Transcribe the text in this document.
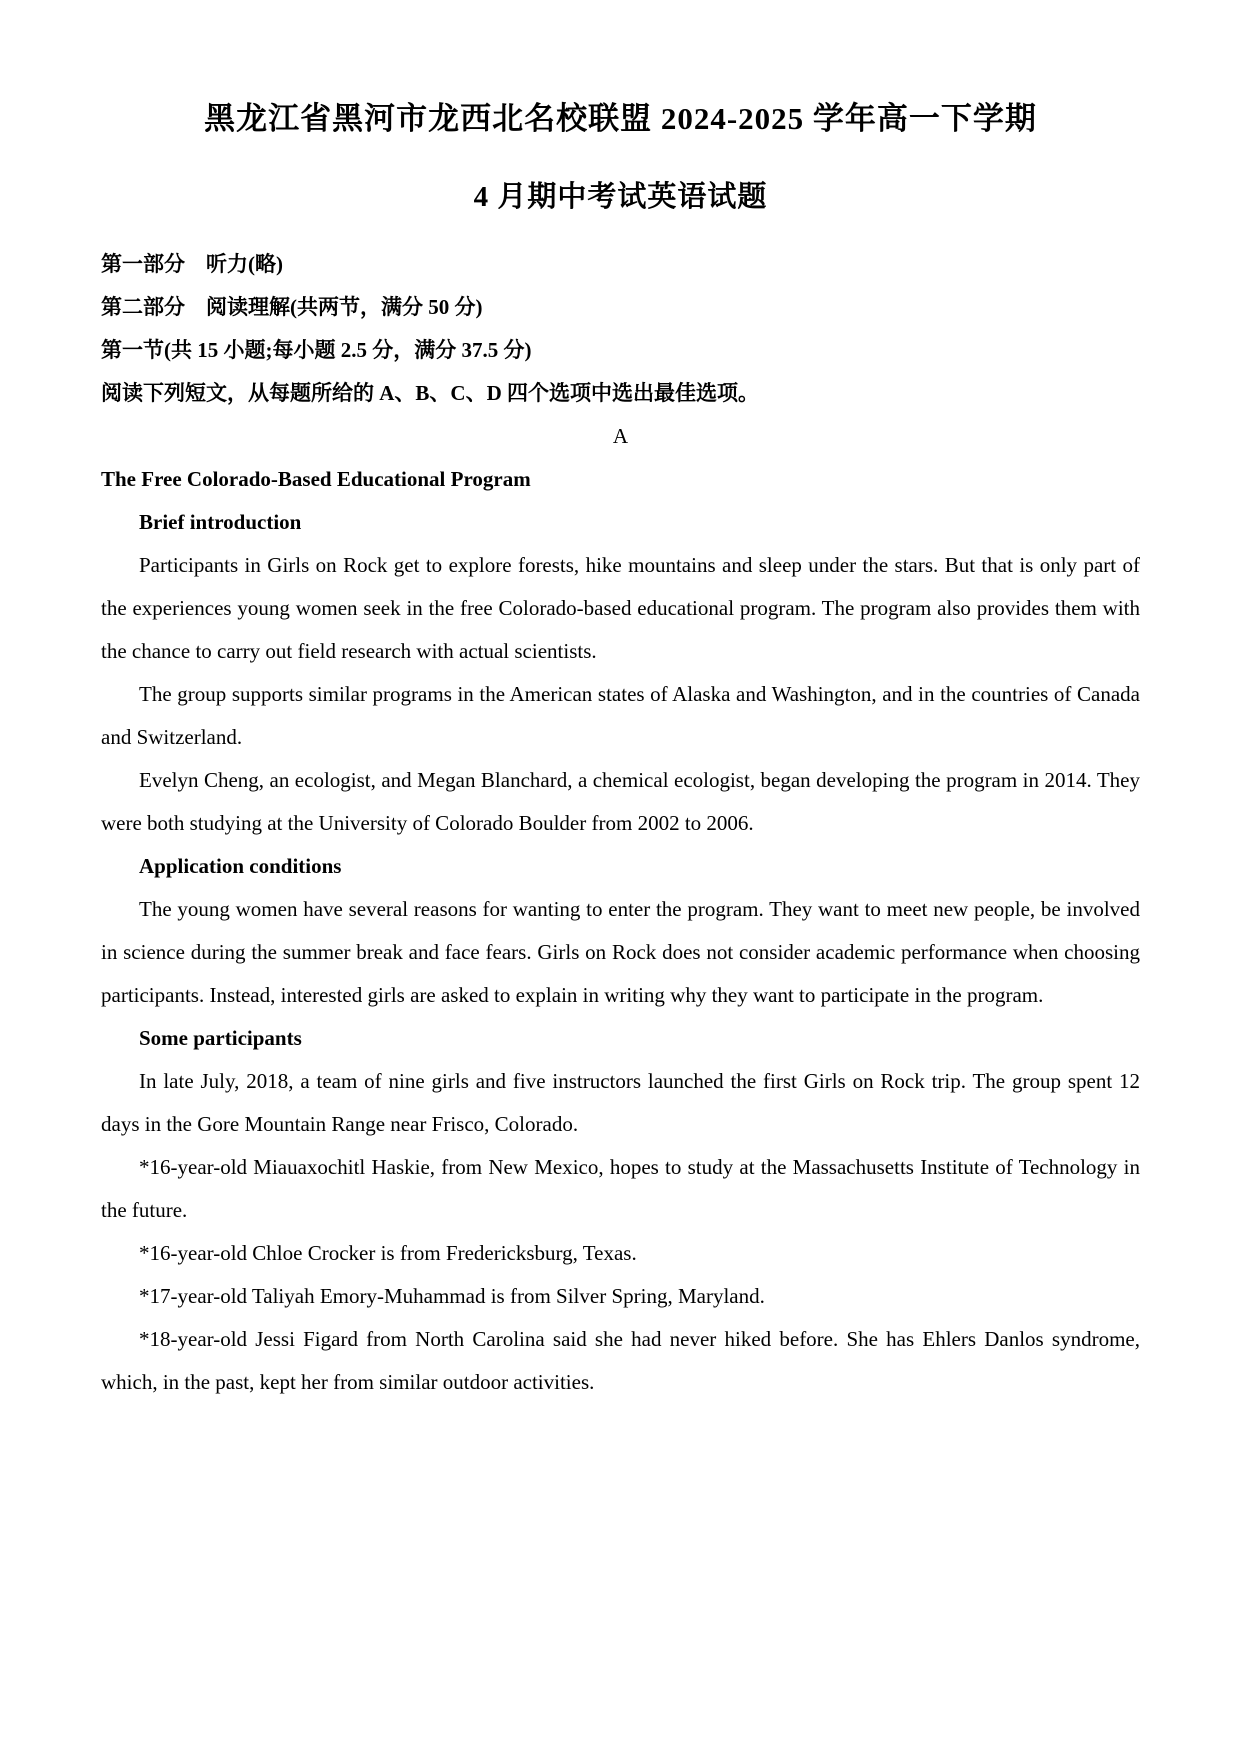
黑龙江省黑河市龙西北名校联盟 2024-2025 学年高一下学期
4 月期中考试英语试题

第一部分　听力(略)

第二部分　阅读理解(共两节，满分 50 分)

第一节(共 15 小题;每小题 2.5 分，满分 37.5 分)

阅读下列短文，从每题所给的 A、B、C、D 四个选项中选出最佳选项。

A

The Free Colorado-Based Educational Program

Brief introduction

Participants in Girls on Rock get to explore forests, hike mountains and sleep under the stars. But that is only part of the experiences young women seek in the free Colorado-based educational program. The program also provides them with the chance to carry out field research with actual scientists.

The group supports similar programs in the American states of Alaska and Washington, and in the countries of Canada and Switzerland.

Evelyn Cheng, an ecologist, and Megan Blanchard, a chemical ecologist, began developing the program in 2014. They were both studying at the University of Colorado Boulder from 2002 to 2006.

Application conditions

The young women have several reasons for wanting to enter the program. They want to meet new people, be involved in science during the summer break and face fears. Girls on Rock does not consider academic performance when choosing participants. Instead, interested girls are asked to explain in writing why they want to participate in the program.

Some participants

In late July, 2018, a team of nine girls and five instructors launched the first Girls on Rock trip. The group spent 12 days in the Gore Mountain Range near Frisco, Colorado.

*16-year-old Miauaxochitl Haskie, from New Mexico, hopes to study at the Massachusetts Institute of Technology in the future.

*16-year-old Chloe Crocker is from Fredericksburg, Texas.

*17-year-old Taliyah Emory-Muhammad is from Silver Spring, Maryland.

*18-year-old Jessi Figard from North Carolina said she had never hiked before. She has Ehlers Danlos syndrome, which, in the past, kept her from similar outdoor activities.
